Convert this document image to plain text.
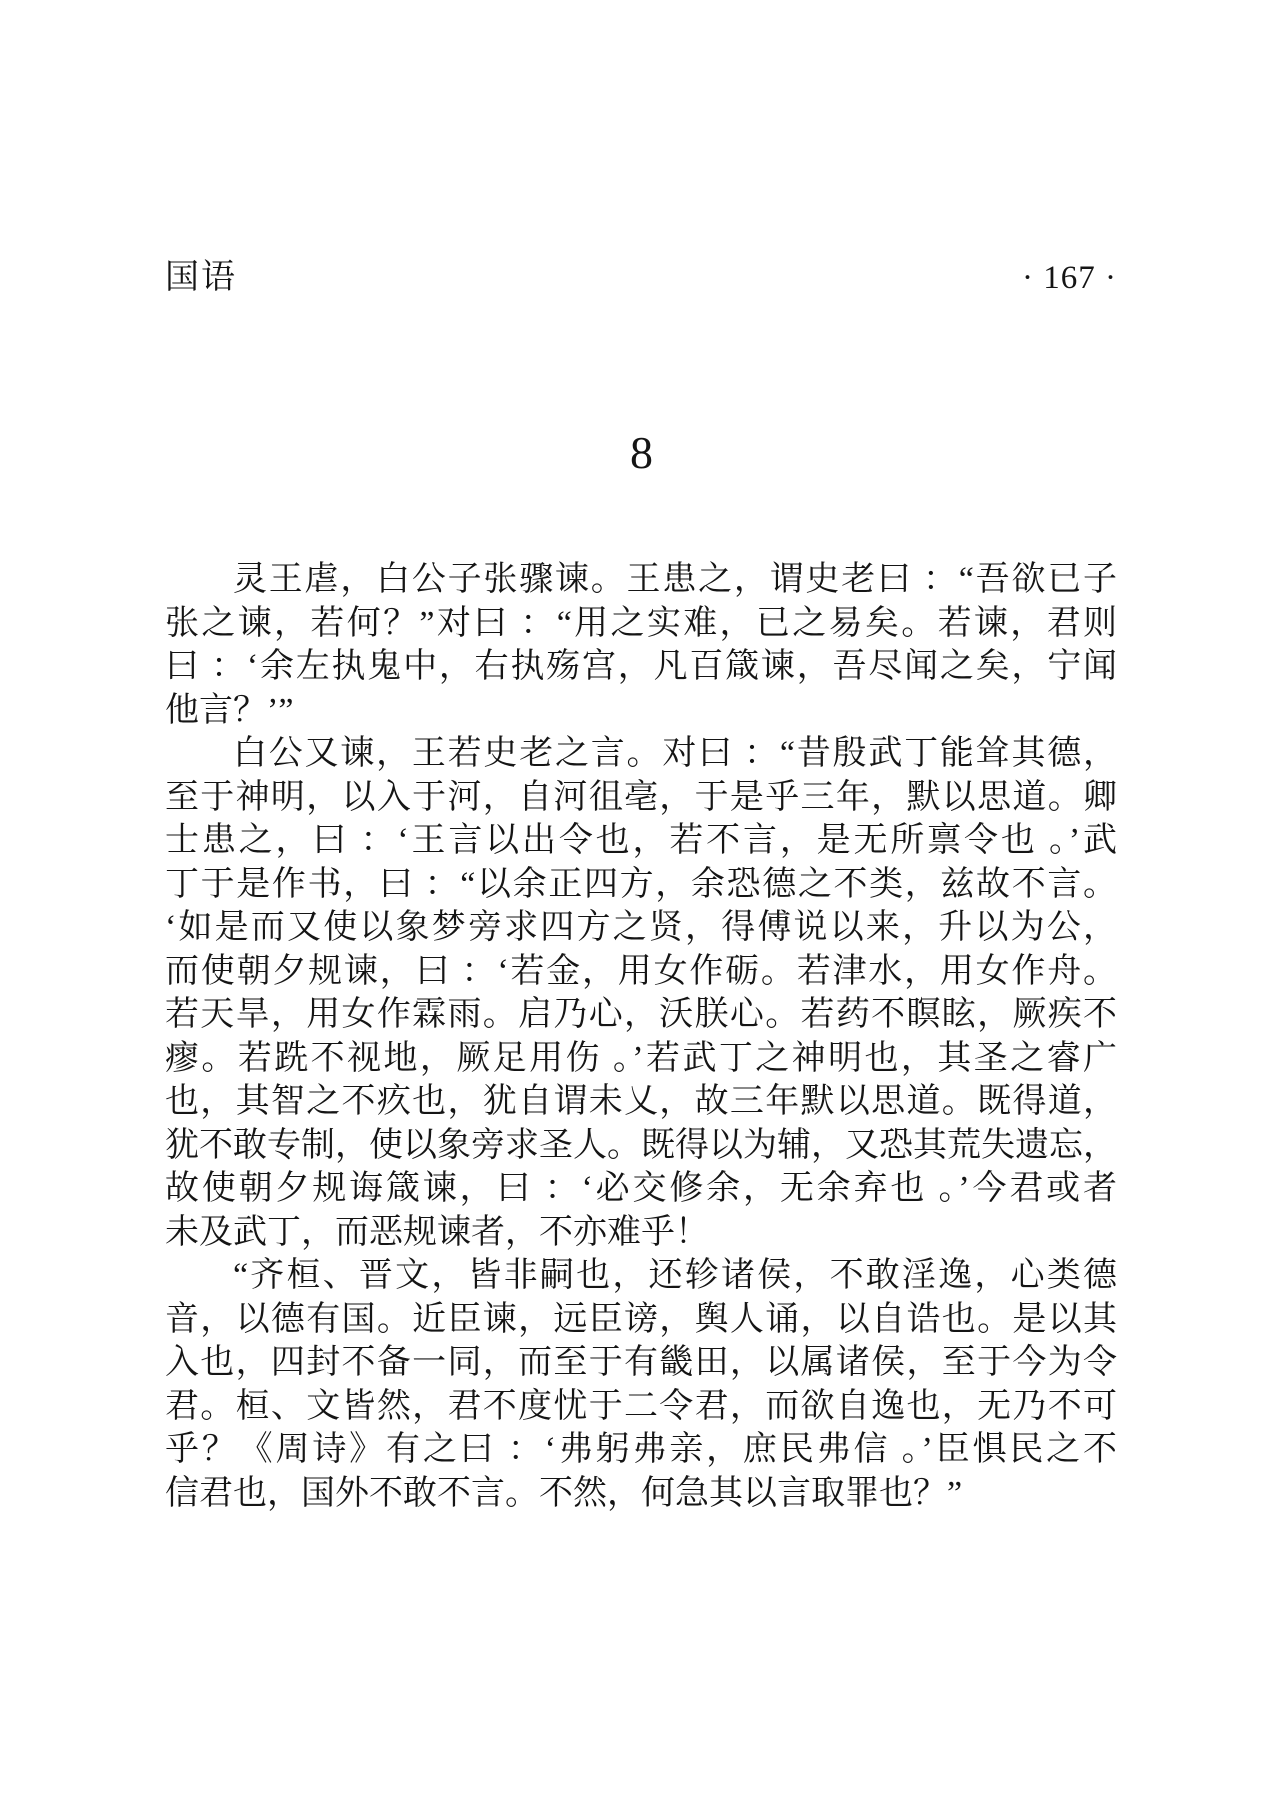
国语	· 167 ·
8
灵王虐，白公子张骤谏。王患之，谓史老曰 ：“吾欲已子
张之谏，若何？”对曰 ：“用之实难，已之易矣。若谏，君则
曰 ：‘余左执鬼中，右执殇宫，凡百箴谏，吾尽闻之矣，宁闻
他言？’”
白公又谏，王若史老之言。对曰 ：“昔殷武丁能耸其德，
至于神明，以入于河，自河徂亳，于是乎三年，默以思道。卿
士患之，曰 ：‘王言以出令也，若不言，是无所禀令也 。’武
丁于是作书，曰 ：“以余正四方，余恐德之不类，兹故不言。
‘如是而又使以象梦旁求四方之贤，得傅说以来，升以为公，
而使朝夕规谏，曰 ：‘若金，用女作砺。若津水，用女作舟。
若天旱，用女作霖雨。启乃心，沃朕心。若药不瞑眩，厥疾不
瘳。若跣不视地，厥足用伤 。’若武丁之神明也，其圣之睿广
也，其智之不疚也，犹自谓未乂，故三年默以思道。既得道，
犹不敢专制，使以象旁求圣人。既得以为辅，又恐其荒失遗忘，
故使朝夕规诲箴谏，曰 ：‘必交修余，无余弃也 。’今君或者
未及武丁，而恶规谏者，不亦难乎！
“齐桓、晋文，皆非嗣也，还轸诸侯，不敢淫逸，心类德
音，以德有国。近臣谏，远臣谤，舆人诵，以自诰也。是以其
入也，四封不备一同，而至于有畿田，以属诸侯，至于今为令
君。桓、文皆然，君不度忧于二令君，而欲自逸也，无乃不可
乎？《周诗》有之曰 ：‘弗躬弗亲，庶民弗信 。’臣惧民之不
信君也，国外不敢不言。不然，何急其以言取罪也？”
